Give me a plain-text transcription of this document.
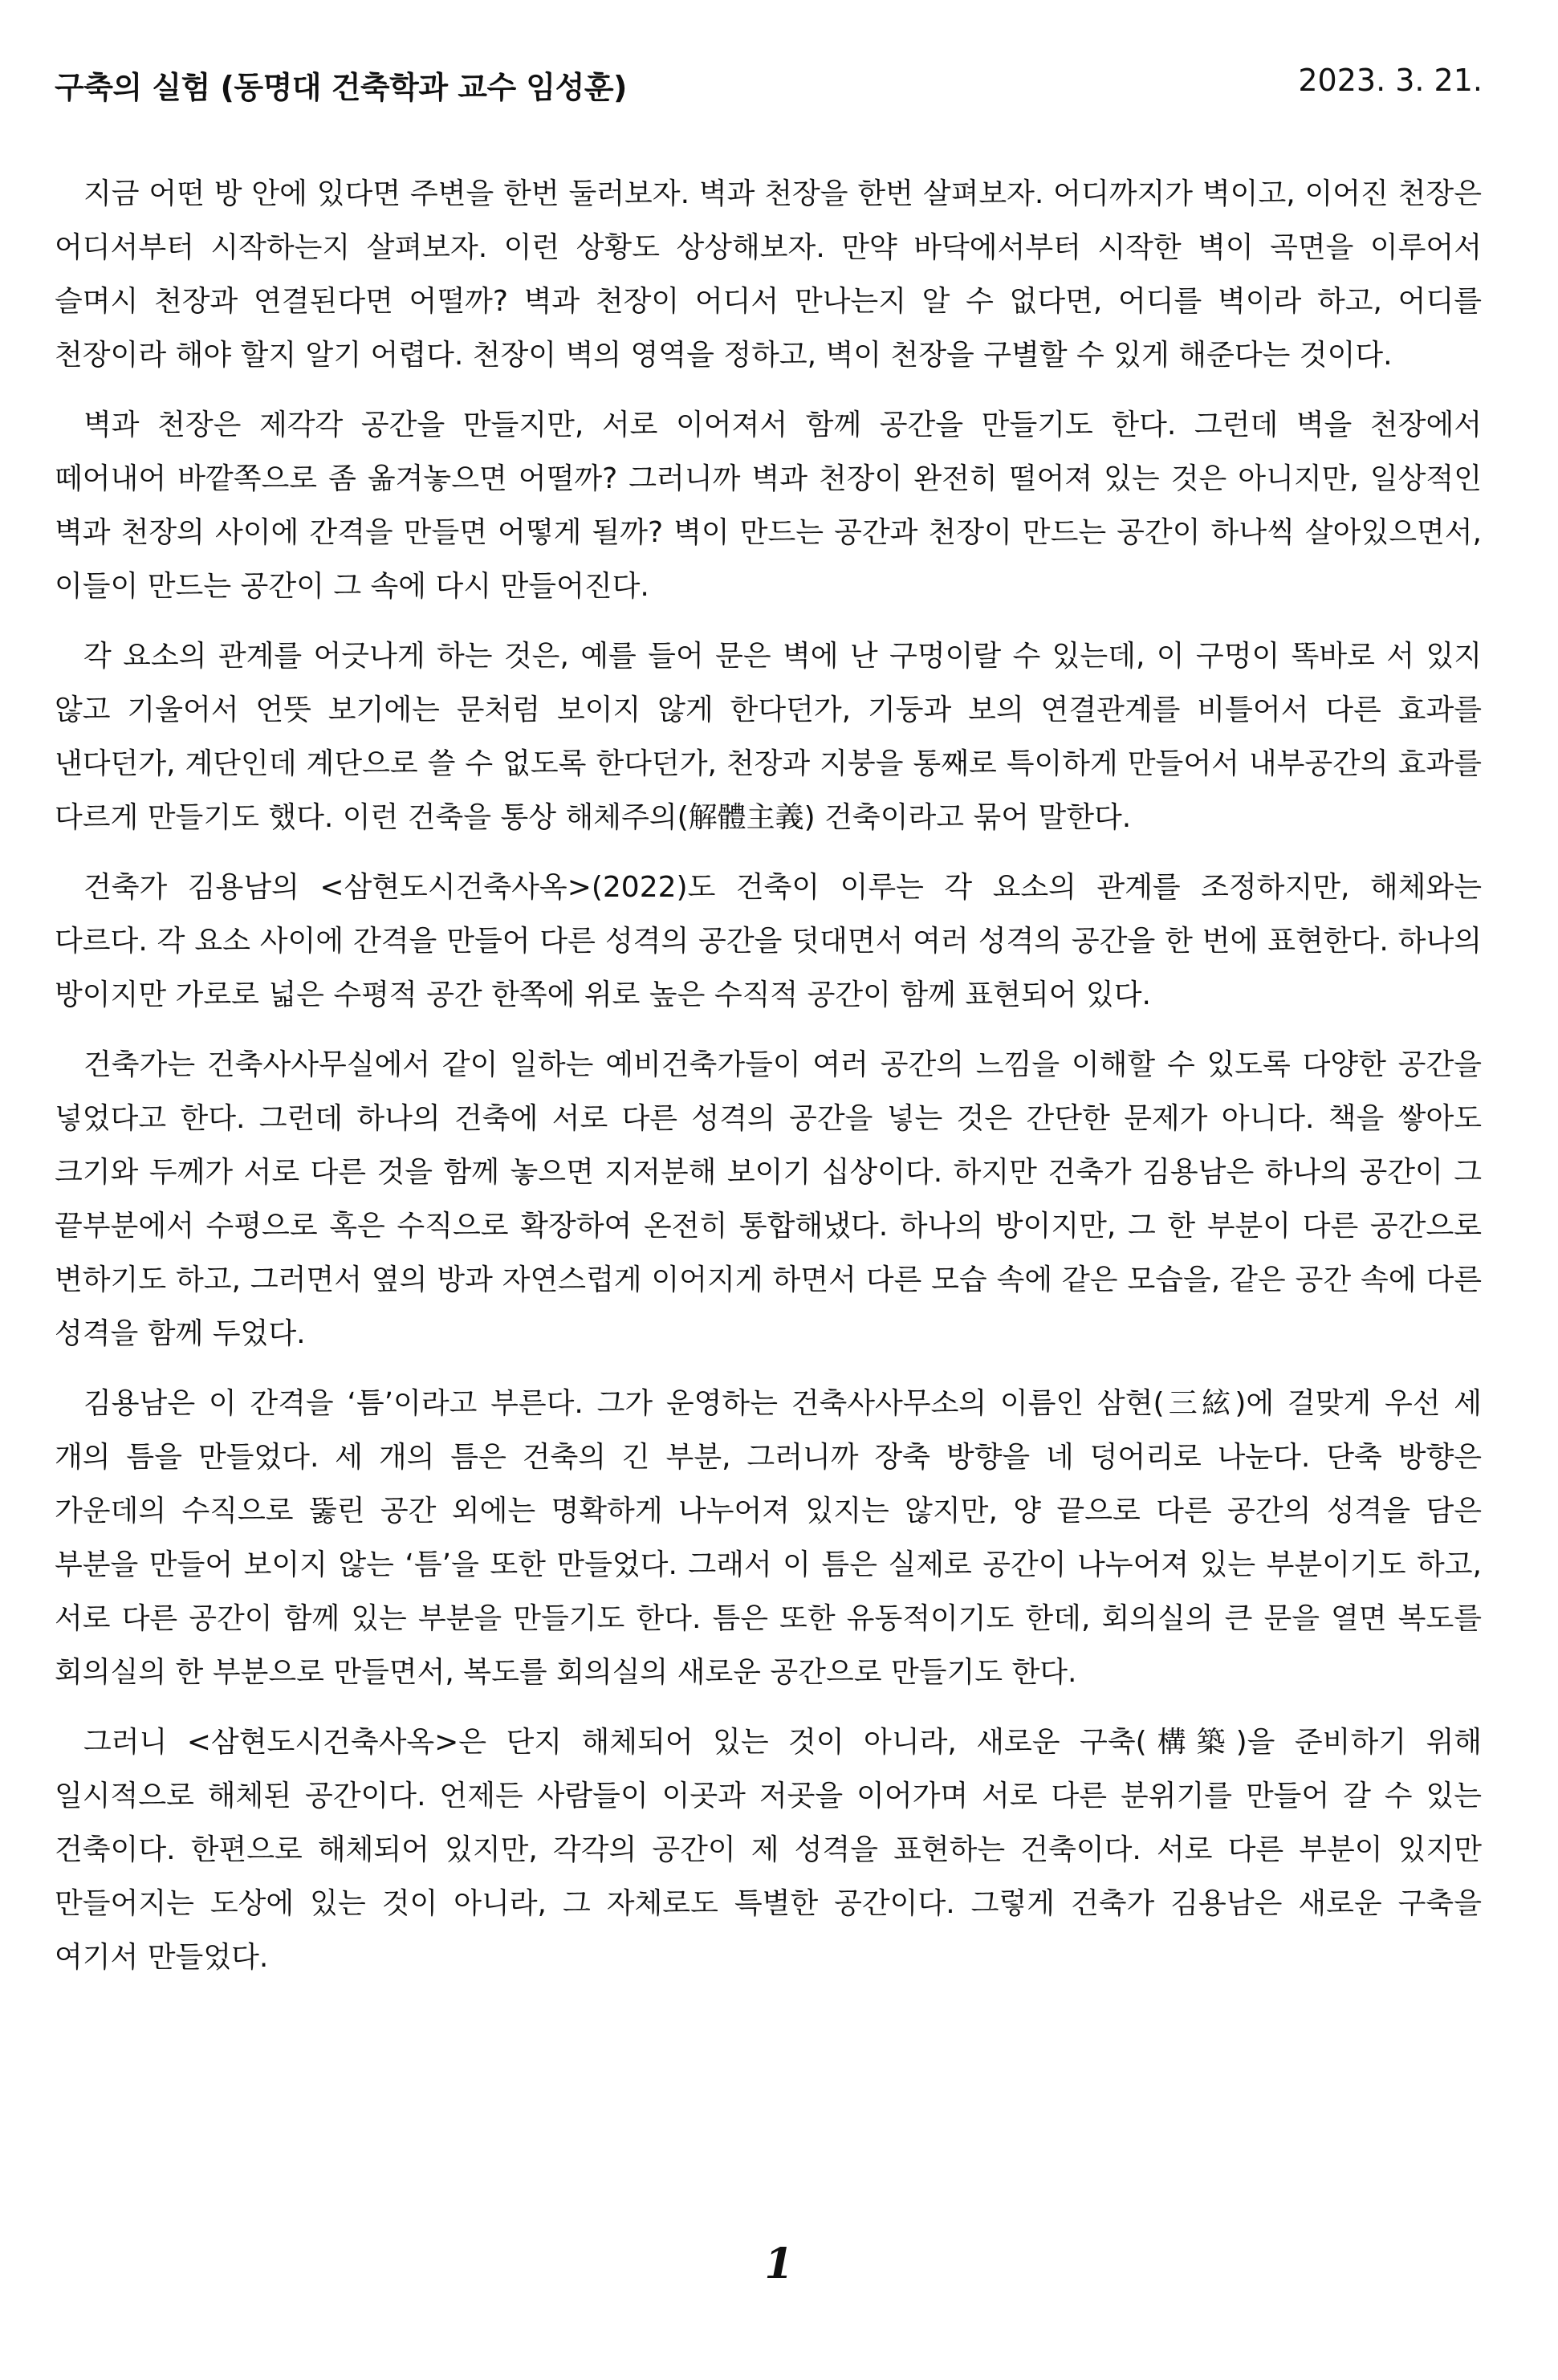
구축의 실험 (동명대 건축학과 교수 임성훈)	2023. 3. 21.

지금 어떤 방 안에 있다면 주변을 한번 둘러보자. 벽과 천장을 한번 살펴보자. 어디까지가 벽이고, 이어진 천장은 어디서부터 시작하는지 살펴보자. 이런 상황도 상상해보자. 만약 바닥에서부터 시작한 벽이 곡면을 이루어서 슬며시 천장과 연결된다면 어떨까? 벽과 천장이 어디서 만나는지 알 수 없다면, 어디를 벽이라 하고, 어디를 천장이라 해야 할지 알기 어렵다. 천장이 벽의 영역을 정하고, 벽이 천장을 구별할 수 있게 해준다는 것이다.

벽과 천장은 제각각 공간을 만들지만, 서로 이어져서 함께 공간을 만들기도 한다. 그런데 벽을 천장에서 떼어내어 바깥쪽으로 좀 옮겨놓으면 어떨까? 그러니까 벽과 천장이 완전히 떨어져 있는 것은 아니지만, 일상적인 벽과 천장의 사이에 간격을 만들면 어떻게 될까? 벽이 만드는 공간과 천장이 만드는 공간이 하나씩 살아있으면서, 이들이 만드는 공간이 그 속에 다시 만들어진다.

각 요소의 관계를 어긋나게 하는 것은, 예를 들어 문은 벽에 난 구멍이랄 수 있는데, 이 구멍이 똑바로 서 있지 않고 기울어서 언뜻 보기에는 문처럼 보이지 않게 한다던가, 기둥과 보의 연결관계를 비틀어서 다른 효과를 낸다던가, 계단인데 계단으로 쓸 수 없도록 한다던가, 천장과 지붕을 통째로 특이하게 만들어서 내부공간의 효과를 다르게 만들기도 했다. 이런 건축을 통상 해체주의(解體主義) 건축이라고 묶어 말한다.

건축가 김용남의 <삼현도시건축사옥>(2022)도 건축이 이루는 각 요소의 관계를 조정하지만, 해체와는 다르다. 각 요소 사이에 간격을 만들어 다른 성격의 공간을 덧대면서 여러 성격의 공간을 한 번에 표현한다. 하나의 방이지만 가로로 넓은 수평적 공간 한쪽에 위로 높은 수직적 공간이 함께 표현되어 있다.

건축가는 건축사사무실에서 같이 일하는 예비건축가들이 여러 공간의 느낌을 이해할 수 있도록 다양한 공간을 넣었다고 한다. 그런데 하나의 건축에 서로 다른 성격의 공간을 넣는 것은 간단한 문제가 아니다. 책을 쌓아도 크기와 두께가 서로 다른 것을 함께 놓으면 지저분해 보이기 십상이다. 하지만 건축가 김용남은 하나의 공간이 그 끝부분에서 수평으로 혹은 수직으로 확장하여 온전히 통합해냈다. 하나의 방이지만, 그 한 부분이 다른 공간으로 변하기도 하고, 그러면서 옆의 방과 자연스럽게 이어지게 하면서 다른 모습 속에 같은 모습을, 같은 공간 속에 다른 성격을 함께 두었다.

김용남은 이 간격을 ‘틈’이라고 부른다. 그가 운영하는 건축사사무소의 이름인 삼현(三絃)에 걸맞게 우선 세 개의 틈을 만들었다. 세 개의 틈은 건축의 긴 부분, 그러니까 장축 방향을 네 덩어리로 나눈다. 단축 방향은 가운데의 수직으로 뚫린 공간 외에는 명확하게 나누어져 있지는 않지만, 양 끝으로 다른 공간의 성격을 담은 부분을 만들어 보이지 않는 ‘틈’을 또한 만들었다. 그래서 이 틈은 실제로 공간이 나누어져 있는 부분이기도 하고, 서로 다른 공간이 함께 있는 부분을 만들기도 한다. 틈은 또한 유동적이기도 한데, 회의실의 큰 문을 열면 복도를 회의실의 한 부분으로 만들면서, 복도를 회의실의 새로운 공간으로 만들기도 한다.

그러니 <삼현도시건축사옥>은 단지 해체되어 있는 것이 아니라, 새로운 구축(構築)을 준비하기 위해 일시적으로 해체된 공간이다. 언제든 사람들이 이곳과 저곳을 이어가며 서로 다른 분위기를 만들어 갈 수 있는 건축이다. 한편으로 해체되어 있지만, 각각의 공간이 제 성격을 표현하는 건축이다. 서로 다른 부분이 있지만 만들어지는 도상에 있는 것이 아니라, 그 자체로도 특별한 공간이다. 그렇게 건축가 김용남은 새로운 구축을 여기서 만들었다.

1
